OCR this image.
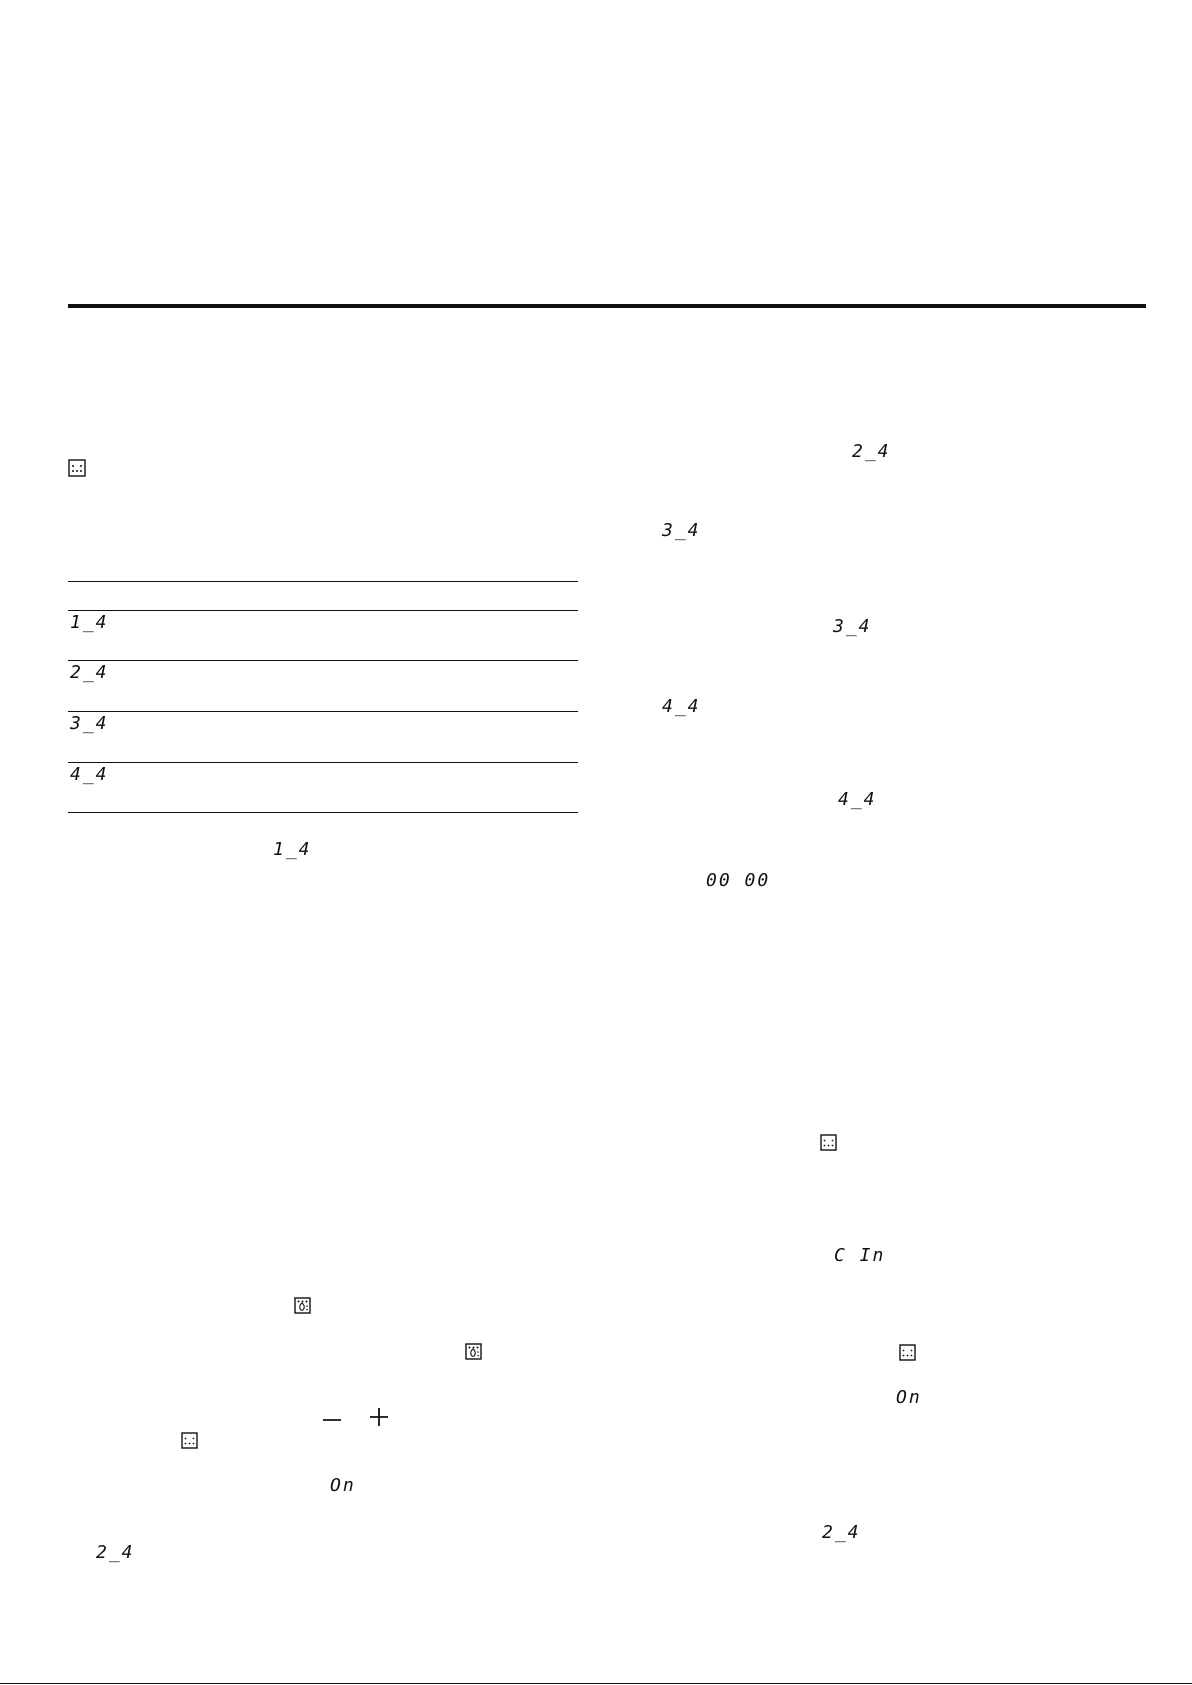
1_4
2_4
3_4
4_4
1_4
On
2_4
2_4
3_4
3_4
4_4
4_4
00 00
C In
On
2_4
